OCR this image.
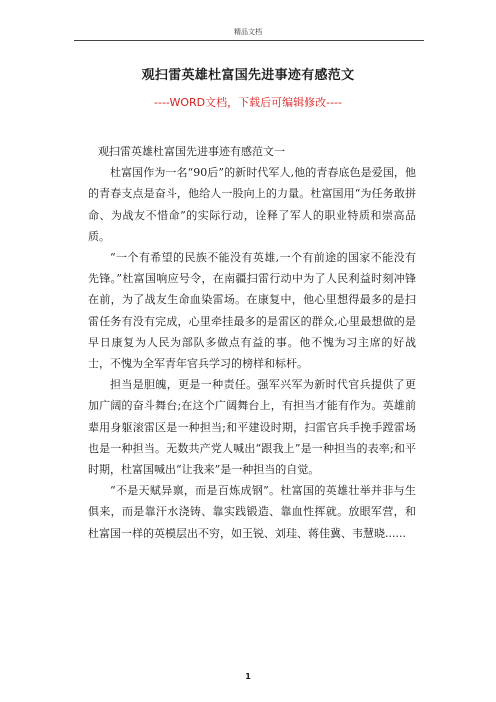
精品文档
观扫雷英雄杜富国先进事迹有感范文
----WORD文档，下载后可编辑修改----

观扫雷英雄杜富国先进事迹有感范文一

杜富国作为一名“90后”的新时代军人,他的青春底色是爱国，他的青春支点是奋斗，他给人一股向上的力量。杜富国用“为任务敢拼命、为战友不惜命”的实际行动，诠释了军人的职业特质和崇高品质。

“一个有希望的民族不能没有英雄,一个有前途的国家不能没有先锋。”杜富国响应号令，在南疆扫雷行动中为了人民利益时刻冲锋在前，为了战友生命血染雷场。在康复中，他心里想得最多的是扫雷任务有没有完成，心里牵挂最多的是雷区的群众,心里最想做的是早日康复为人民为部队多做点有益的事。他不愧为习主席的好战士，不愧为全军青年官兵学习的榜样和标杆。

担当是胆魄，更是一种责任。强军兴军为新时代官兵提供了更加广阔的奋斗舞台;在这个广阔舞台上，有担当才能有作为。英雄前辈用身躯滚雷区是一种担当;和平建设时期，扫雷官兵手挽手蹚雷场也是一种担当。无数共产党人喊出“跟我上”是一种担当的表率;和平时期，杜富国喊出“让我来”是一种担当的自觉。

“不是天赋异禀，而是百炼成钢”。杜富国的英雄壮举并非与生俱来，而是靠汗水浇铸、靠实践锻造、靠血性挥就。放眼军营，和杜富国一样的英模层出不穷，如王锐、刘珪、蒋佳冀、韦慧晓......

1
